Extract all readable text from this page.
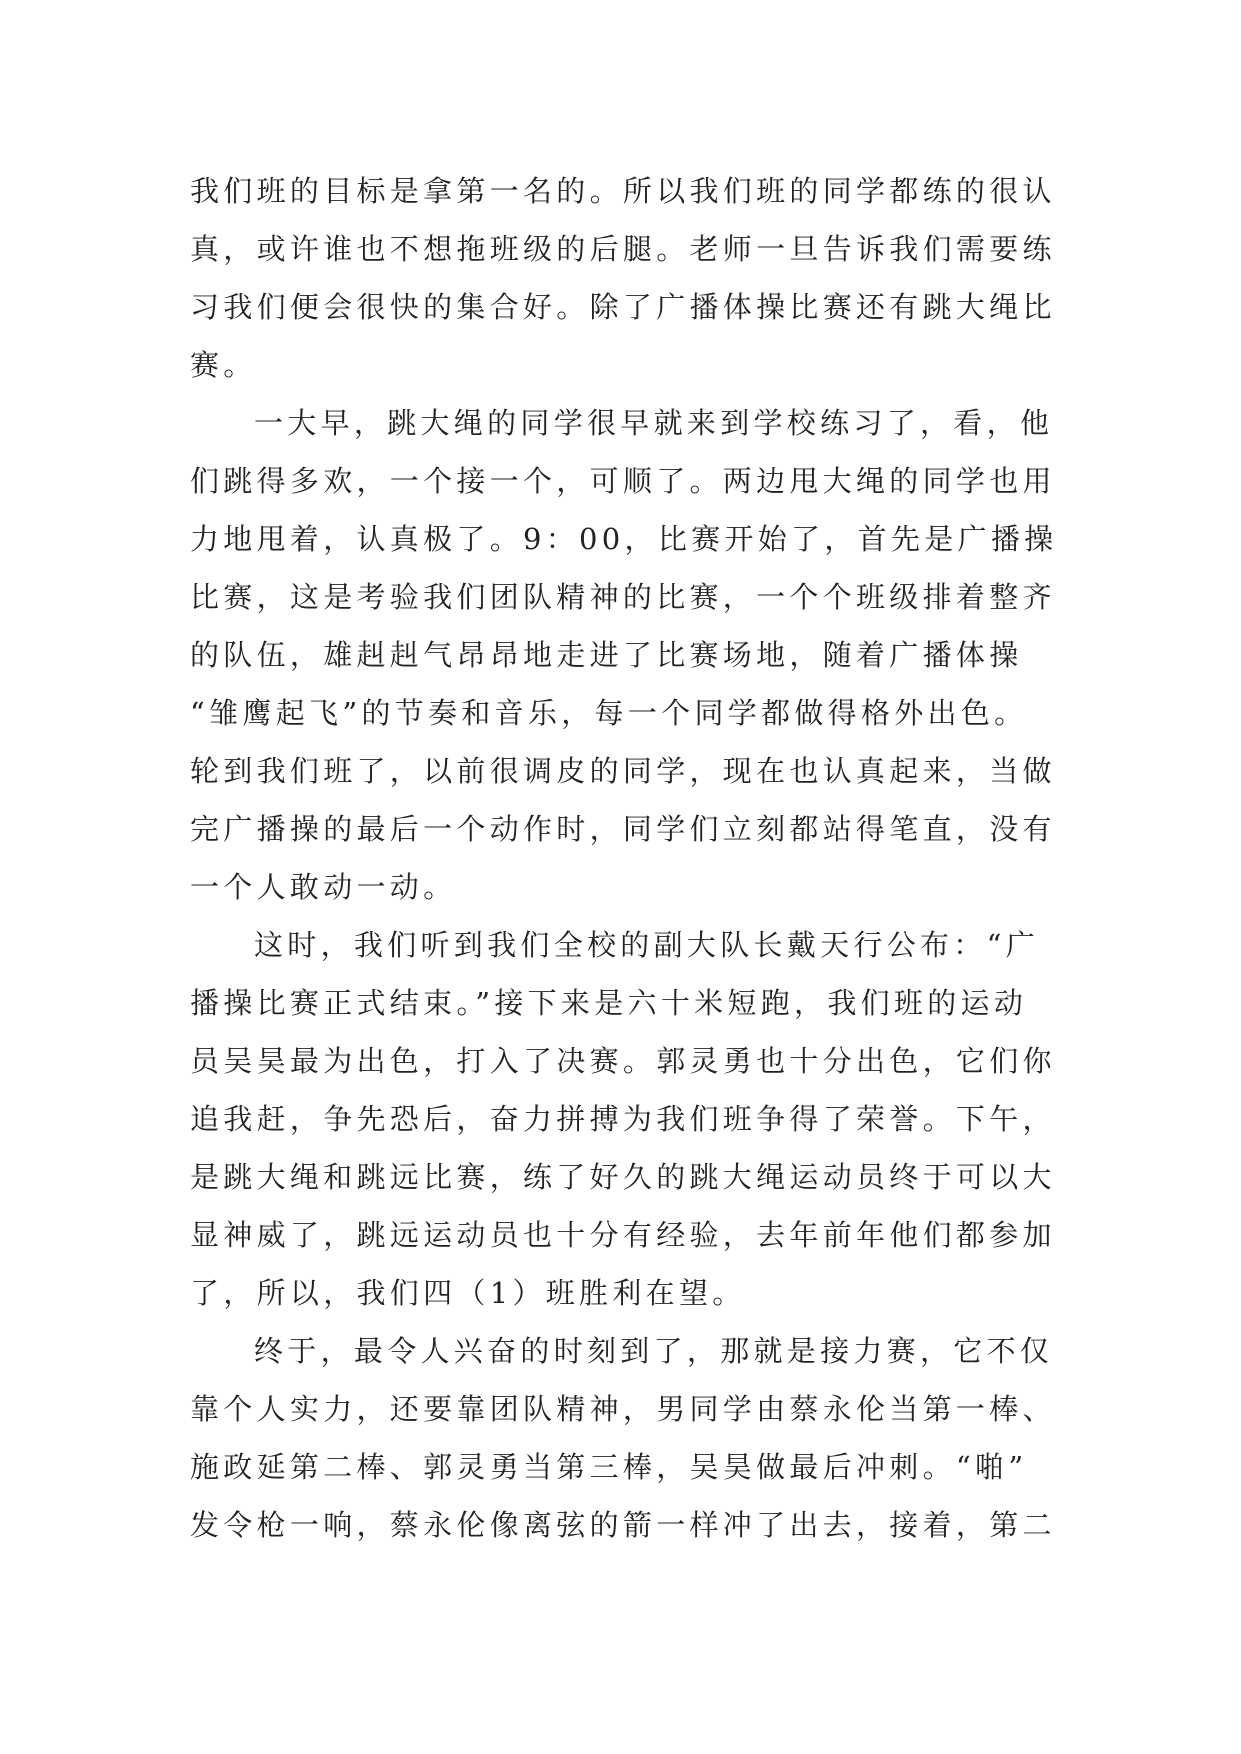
我们班的目标是拿第一名的。所以我们班的同学都练的很认
真，或许谁也不想拖班级的后腿。老师一旦告诉我们需要练
习我们便会很快的集合好。除了广播体操比赛还有跳大绳比
赛。
一大早，跳大绳的同学很早就来到学校练习了，看，他
们跳得多欢，一个接一个，可顺了。两边甩大绳的同学也用
力地甩着，认真极了。9：00，比赛开始了，首先是广播操
比赛，这是考验我们团队精神的比赛，一个个班级排着整齐
的队伍，雄赳赳气昂昂地走进了比赛场地，随着广播体操
“雏鹰起飞”的节奏和音乐，每一个同学都做得格外出色。
轮到我们班了，以前很调皮的同学，现在也认真起来，当做
完广播操的最后一个动作时，同学们立刻都站得笔直，没有
一个人敢动一动。
这时，我们听到我们全校的副大队长戴天行公布：“广
播操比赛正式结束。”接下来是六十米短跑，我们班的运动
员吴昊最为出色，打入了决赛。郭灵勇也十分出色，它们你
追我赶，争先恐后，奋力拼搏为我们班争得了荣誉。下午，
是跳大绳和跳远比赛，练了好久的跳大绳运动员终于可以大
显神威了，跳远运动员也十分有经验，去年前年他们都参加
了，所以，我们四（1）班胜利在望。
终于，最令人兴奋的时刻到了，那就是接力赛，它不仅
靠个人实力，还要靠团队精神，男同学由蔡永伦当第一棒、
施政延第二棒、郭灵勇当第三棒，吴昊做最后冲刺。“啪”
发令枪一响，蔡永伦像离弦的箭一样冲了出去，接着，第二
